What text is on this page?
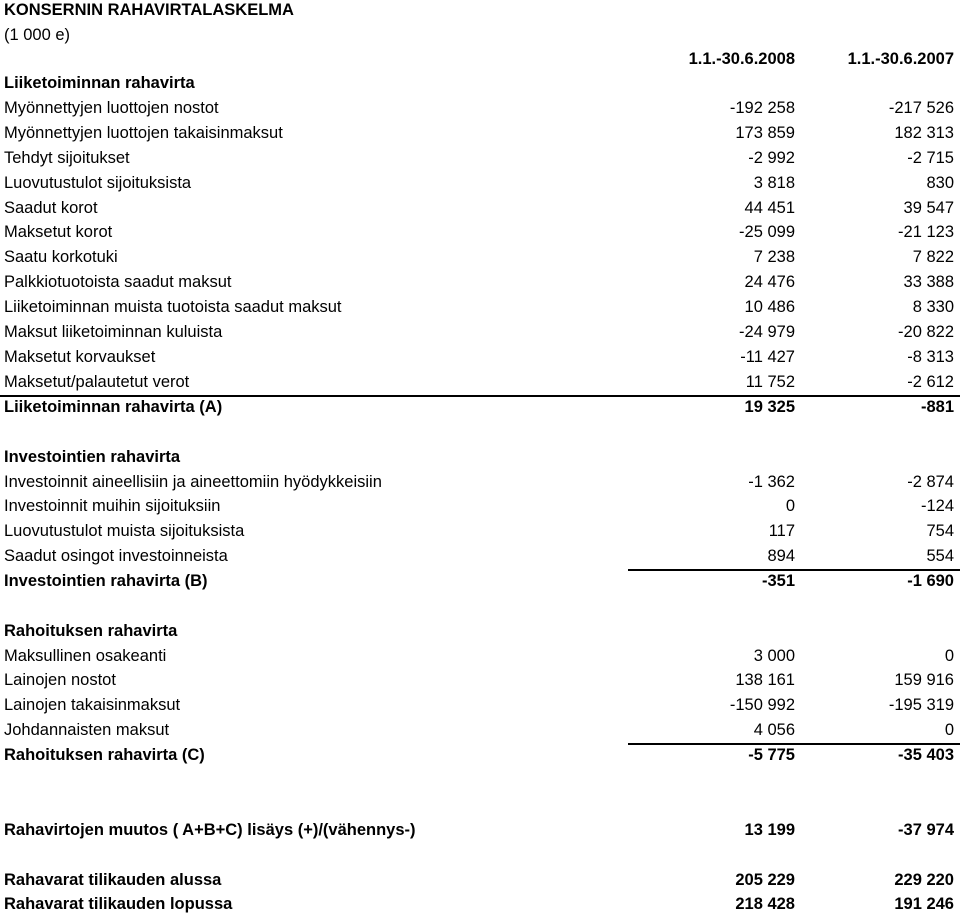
KONSERNIN RAHAVIRTALASKELMA
(1 000 e)
1.1.-30.6.2008	1.1.-30.6.2007
Liiketoiminnan rahavirta
Myönnettyjen luottojen nostot	-192 258	-217 526
Myönnettyjen luottojen takaisinmaksut	173 859	182 313
Tehdyt sijoitukset	-2 992	-2 715
Luovutustulot sijoituksista	3 818	830
Saadut korot	44 451	39 547
Maksetut korot	-25 099	-21 123
Saatu korkotuki	7 238	7 822
Palkkiotuotoista saadut maksut	24 476	33 388
Liiketoiminnan muista tuotoista saadut maksut	10 486	8 330
Maksut liiketoiminnan kuluista	-24 979	-20 822
Maksetut korvaukset	-11 427	-8 313
Maksetut/palautetut verot	11 752	-2 612
Liiketoiminnan rahavirta (A)	19 325	-881
Investointien rahavirta
Investoinnit aineellisiin ja aineettomiin hyödykkeisiin	-1 362	-2 874
Investoinnit muihin sijoituksiin	0	-124
Luovutustulot muista sijoituksista	117	754
Saadut osingot investoinneista	894	554
Investointien rahavirta (B)	-351	-1 690
Rahoituksen rahavirta
Maksullinen osakeanti	3 000	0
Lainojen nostot	138 161	159 916
Lainojen takaisinmaksut	-150 992	-195 319
Johdannaisten maksut	4 056	0
Rahoituksen rahavirta (C)	-5 775	-35 403
Rahavirtojen muutos ( A+B+C) lisäys (+)/(vähennys-)	13 199	-37 974
Rahavarat tilikauden alussa	205 229	229 220
Rahavarat tilikauden lopussa	218 428	191 246
